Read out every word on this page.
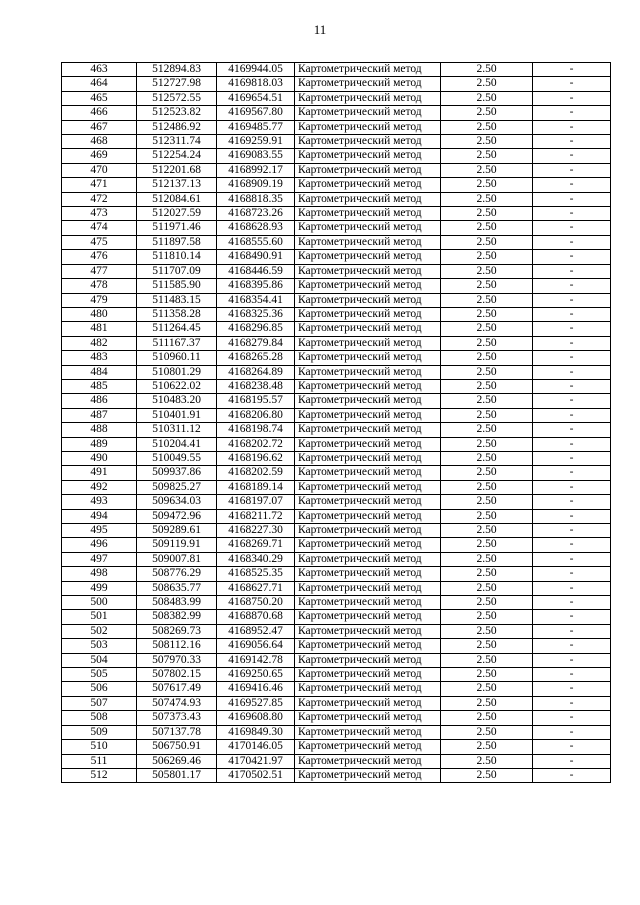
11
463	512894.83	4169944.05	Картометрический метод	2.50	-
464	512727.98	4169818.03	Картометрический метод	2.50	-
465	512572.55	4169654.51	Картометрический метод	2.50	-
466	512523.82	4169567.80	Картометрический метод	2.50	-
467	512486.92	4169485.77	Картометрический метод	2.50	-
468	512311.74	4169259.91	Картометрический метод	2.50	-
469	512254.24	4169083.55	Картометрический метод	2.50	-
470	512201.68	4168992.17	Картометрический метод	2.50	-
471	512137.13	4168909.19	Картометрический метод	2.50	-
472	512084.61	4168818.35	Картометрический метод	2.50	-
473	512027.59	4168723.26	Картометрический метод	2.50	-
474	511971.46	4168628.93	Картометрический метод	2.50	-
475	511897.58	4168555.60	Картометрический метод	2.50	-
476	511810.14	4168490.91	Картометрический метод	2.50	-
477	511707.09	4168446.59	Картометрический метод	2.50	-
478	511585.90	4168395.86	Картометрический метод	2.50	-
479	511483.15	4168354.41	Картометрический метод	2.50	-
480	511358.28	4168325.36	Картометрический метод	2.50	-
481	511264.45	4168296.85	Картометрический метод	2.50	-
482	511167.37	4168279.84	Картометрический метод	2.50	-
483	510960.11	4168265.28	Картометрический метод	2.50	-
484	510801.29	4168264.89	Картометрический метод	2.50	-
485	510622.02	4168238.48	Картометрический метод	2.50	-
486	510483.20	4168195.57	Картометрический метод	2.50	-
487	510401.91	4168206.80	Картометрический метод	2.50	-
488	510311.12	4168198.74	Картометрический метод	2.50	-
489	510204.41	4168202.72	Картометрический метод	2.50	-
490	510049.55	4168196.62	Картометрический метод	2.50	-
491	509937.86	4168202.59	Картометрический метод	2.50	-
492	509825.27	4168189.14	Картометрический метод	2.50	-
493	509634.03	4168197.07	Картометрический метод	2.50	-
494	509472.96	4168211.72	Картометрический метод	2.50	-
495	509289.61	4168227.30	Картометрический метод	2.50	-
496	509119.91	4168269.71	Картометрический метод	2.50	-
497	509007.81	4168340.29	Картометрический метод	2.50	-
498	508776.29	4168525.35	Картометрический метод	2.50	-
499	508635.77	4168627.71	Картометрический метод	2.50	-
500	508483.99	4168750.20	Картометрический метод	2.50	-
501	508382.99	4168870.68	Картометрический метод	2.50	-
502	508269.73	4168952.47	Картометрический метод	2.50	-
503	508112.16	4169056.64	Картометрический метод	2.50	-
504	507970.33	4169142.78	Картометрический метод	2.50	-
505	507802.15	4169250.65	Картометрический метод	2.50	-
506	507617.49	4169416.46	Картометрический метод	2.50	-
507	507474.93	4169527.85	Картометрический метод	2.50	-
508	507373.43	4169608.80	Картометрический метод	2.50	-
509	507137.78	4169849.30	Картометрический метод	2.50	-
510	506750.91	4170146.05	Картометрический метод	2.50	-
511	506269.46	4170421.97	Картометрический метод	2.50	-
512	505801.17	4170502.51	Картометрический метод	2.50	-
